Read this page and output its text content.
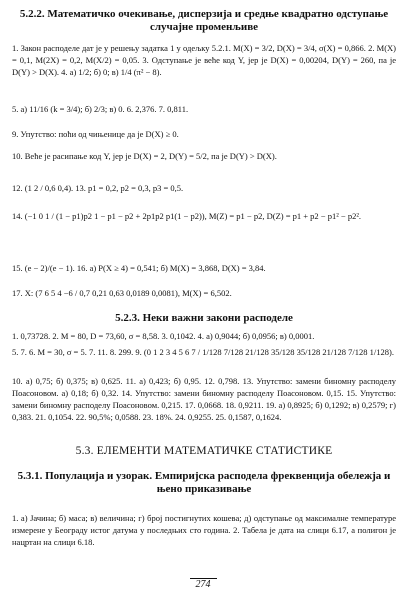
5.2.2. Математичко очекивање, дисперзија и средње квадратно одступање случајне променљиве

1. Закон расподеле дат је у решењу задатка 1 у одељку 5.2.1. M(X) = 3/2, D(X) = 3/4, σ(X) = 0,866. 2. M(X) = 0,1, M(2X) = 0,2, M(X/2) = 0,05. 3. Одступање је веће код Y, јер је D(X) = 0,00204, D(Y) = 260, па је D(Y) > D(X). 4. а) 1/2; б) 0; в) 1/4 (π² − 8).

5. а) 11/16 (k = 3/4); б) 2/3; в) 0. 6. 2,376. 7. 0,811.

9. Упутство: поћи од чињенице да је D(X) ≥ 0.

10. Веће је расипање код Y, јер је D(X) = 2, D(Y) = 5/2, па је D(Y) > D(X).

12. (1 2 / 0,6 0,4). 13. p1 = 0,2, p2 = 0,3, p3 = 0,5.

14. (−1 0 1 / (1 − p1)p2 1 − p1 − p2 + 2p1p2 p1(1 − p2)), M(Z) = p1 − p2, D(Z) = p1 + p2 − p1² − p2².

15. (e − 2)/(e − 1). 16. а) P(X ≥ 4) = 0,541; б) M(X) = 3,868, D(X) = 3,84.

17. X: (7 6 5 4 −6 / 0,7 0,21 0,63 0,0189 0,0081), M(X) = 6,502.

5.2.3. Неки важни закони расподеле

1. 0,73728. 2. M = 80, D = 73,60, σ = 8,58. 3. 0,1042. 4. а) 0,9044; б) 0,0956; в) 0,0001.

5. 7. 6. M = 30, σ = 5. 7. 11. 8. 299. 9. (0 1 2 3 4 5 6 7 / 1/128 7/128 21/128 35/128 35/128 21/128 7/128 1/128).

10. а) 0,75; б) 0,375; в) 0,625. 11. а) 0,423; б) 0,95. 12. 0,798. 13. Упутство: замени биномну расподелу Поасоновом. а) 0,18; б) 0,32. 14. Упутство: замени биномну расподелу Поасоновом. 0,15. 15. Упутство: замени биномну расподелу Поасоновом. 0,215. 17. 0,0668. 18. 0,9211. 19. а) 0,8925; б) 0,1292; в) 0,2579; г) 0,383. 21. 0,1054. 22. 90,5%; 0,0588. 23. 18%. 24. 0,9255. 25. 0,1587, 0,1624.

5.3. ЕЛЕМЕНТИ МАТЕМАТИЧКЕ СТАТИСТИКЕ
5.3.1. Популација и узорак. Емпиријска расподела фреквенција обележја и њено приказивање

1. а) Јачина; б) маса; в) величина; г) број постигнутих кошева; д) одступање од максималне температуре измерене у Београду истог датума у последњих сто година. 2. Табела је дата на слици 6.17, а полигон је нацртан на слици 6.18.

274
